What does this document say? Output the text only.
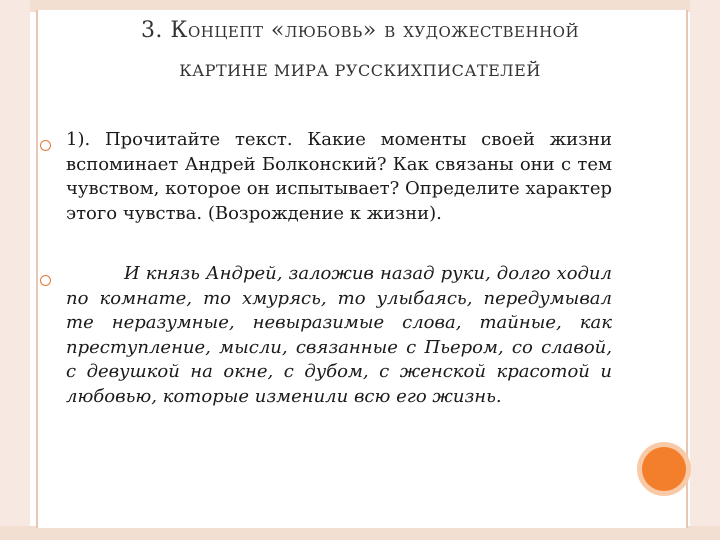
3. Концепт «любовь» в художественной
КАРТИНЕ МИРА РУССКИХПИСАТЕЛЕЙ
1). Прочитайте текст. Какие моменты своей жизни вспоминает Андрей Болконский? Как связаны они с тем чувством, которое он испытывает? Определите характер этого чувства. (Возрождение к жизни).
И князь Андрей, заложив назад руки, долго ходил по комнате, то хмурясь, то улыбаясь, передумывал те неразумные, невыразимые слова, тайные, как преступление, мысли, связанные с Пьером, со славой, с девушкой на окне, с дубом, с женской красотой и любовью, которые изменили всю его жизнь.
